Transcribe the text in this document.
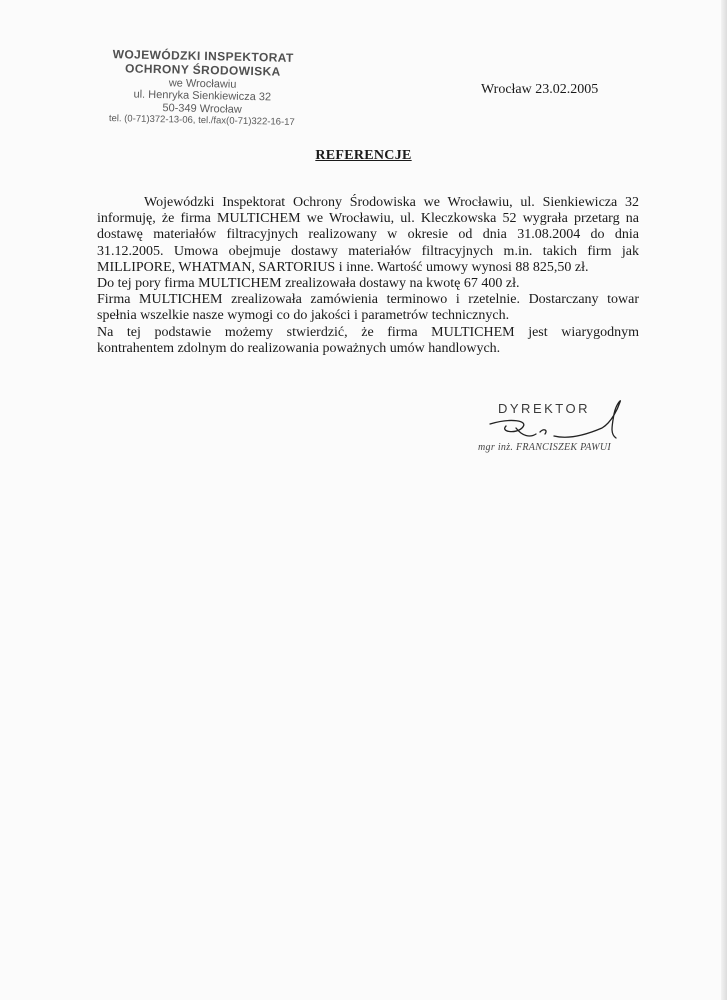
WOJEWÓDZKI INSPEKTORAT
OCHRONY ŚRODOWISKA
we Wrocławiu
ul. Henryka Sienkiewicza 32
50-349 Wrocław
tel. (0-71)372-13-06, tel./fax(0-71)322-16-17
Wrocław 23.02.2005
REFERENCJE

Wojewódzki Inspektorat Ochrony Środowiska we Wrocławiu, ul. Sienkiewicza 32

informuję, że firma MULTICHEM we Wrocławiu, ul. Kleczkowska 52 wygrała przetarg na

dostawę materiałów filtracyjnych realizowany w okresie od dnia 31.08.2004 do dnia

31.12.2005. Umowa obejmuje dostawy materiałów filtracyjnych m.in. takich firm jak

MILLIPORE, WHATMAN, SARTORIUS i inne. Wartość umowy wynosi 88 825,50 zł.

Do tej pory firma MULTICHEM zrealizowała dostawy na kwotę 67 400 zł.

Firma MULTICHEM zrealizowała zamówienia terminowo i rzetelnie. Dostarczany towar

spełnia wszelkie nasze wymogi co do jakości i parametrów technicznych.

Na tej podstawie możemy stwierdzić, że firma MULTICHEM jest wiarygodnym

kontrahentem zdolnym do realizowania poważnych umów handlowych.

DYREKTOR
mgr inż. FRANCISZEK PAWUI
